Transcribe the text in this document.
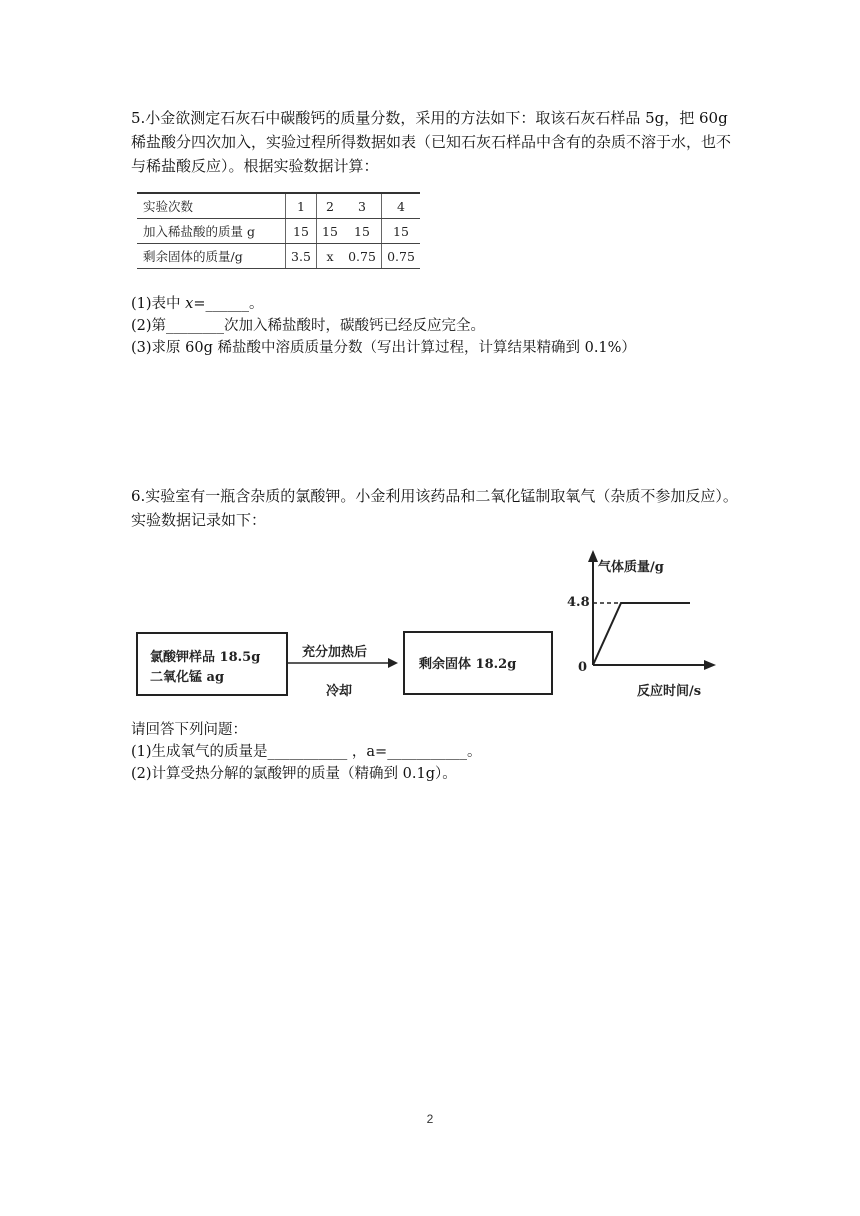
5.小金欲测定石灰石中碳酸钙的质量分数，采用的方法如下：取该石灰石样品 5g，把 60g
稀盐酸分四次加入，实验过程所得数据如表（已知石灰石样品中含有的杂质不溶于水，也不
与稀盐酸反应）。根据实验数据计算：
实验次数	1	2	3	4
加入稀盐酸的质量 g	15	15	15	15
剩余固体的质量/g	3.5	x	0.75	0.75
(1)表中 x=______。
(2)第________次加入稀盐酸时，碳酸钙已经反应完全。
(3)求原 60g 稀盐酸中溶质质量分数（写出计算过程，计算结果精确到 0.1%）
6.实验室有一瓶含杂质的氯酸钾。小金利用该药品和二氧化锰制取氧气（杂质不参加反应）。
实验数据记录如下：
氯酸钾样品 18.5g
二氧化锰 ag
充分加热后
冷却
剩余固体 18.2g
气体质量/g
4.8
0
反应时间/s
请回答下列问题：
(1)生成氧气的质量是___________ ，a=___________。
(2)计算受热分解的氯酸钾的质量（精确到 0.1g）。
2
